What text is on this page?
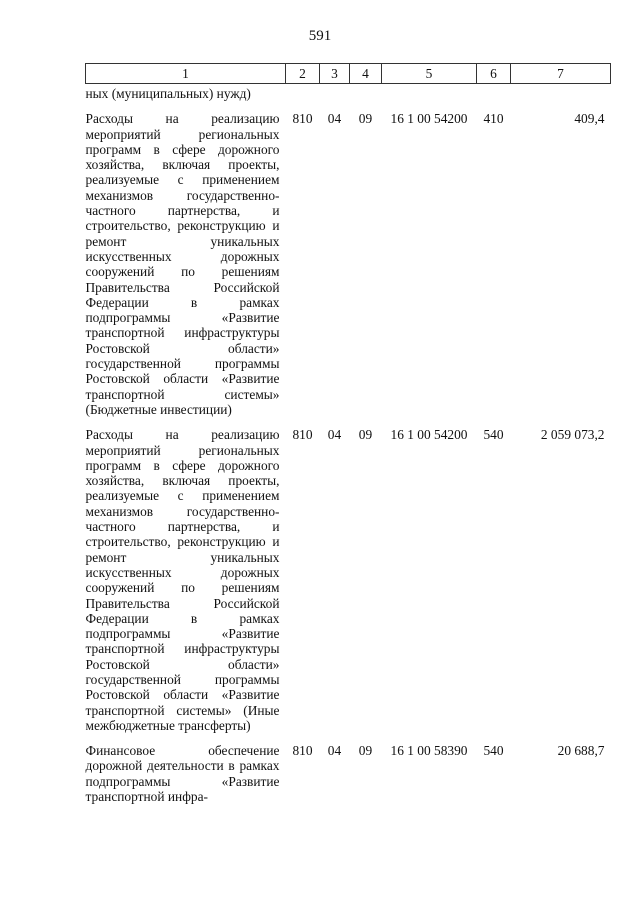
591
1	2	3	4	5	6	7
ных (муниципальных) нужд)						
Расходы на реализацию мероприятий региональных программ в сфере дорожного хозяйства, включая проекты, реализуемые с применением механизмов государственно-частного партнерства, и строительство, реконструкцию и ремонт уникальных искусственных дорожных сооружений по решениям Правительства Российской Федерации в рамках подпрограммы «Развитие транспортной инфраструктуры Ростовской области» государственной программы Ростовской области «Развитие транспортной системы» (Бюджетные инвестиции)	810	04	09	16 1 00 54200	410	409,4
Расходы на реализацию мероприятий региональных программ в сфере дорожного хозяйства, включая проекты, реализуемые с применением механизмов государственно-частного партнерства, и строительство, реконструкцию и ремонт уникальных искусственных дорожных сооружений по решениям Правительства Российской Федерации в рамках подпрограммы «Развитие транспортной инфраструктуры Ростовской области» государственной программы Ростовской области «Развитие транспортной системы» (Иные межбюджетные трансферты)	810	04	09	16 1 00 54200	540	2 059 073,2
Финансовое обеспечение дорожной деятельности в рамках подпрограммы «Развитие транспортной инфра-	810	04	09	16 1 00 58390	540	20 688,7
